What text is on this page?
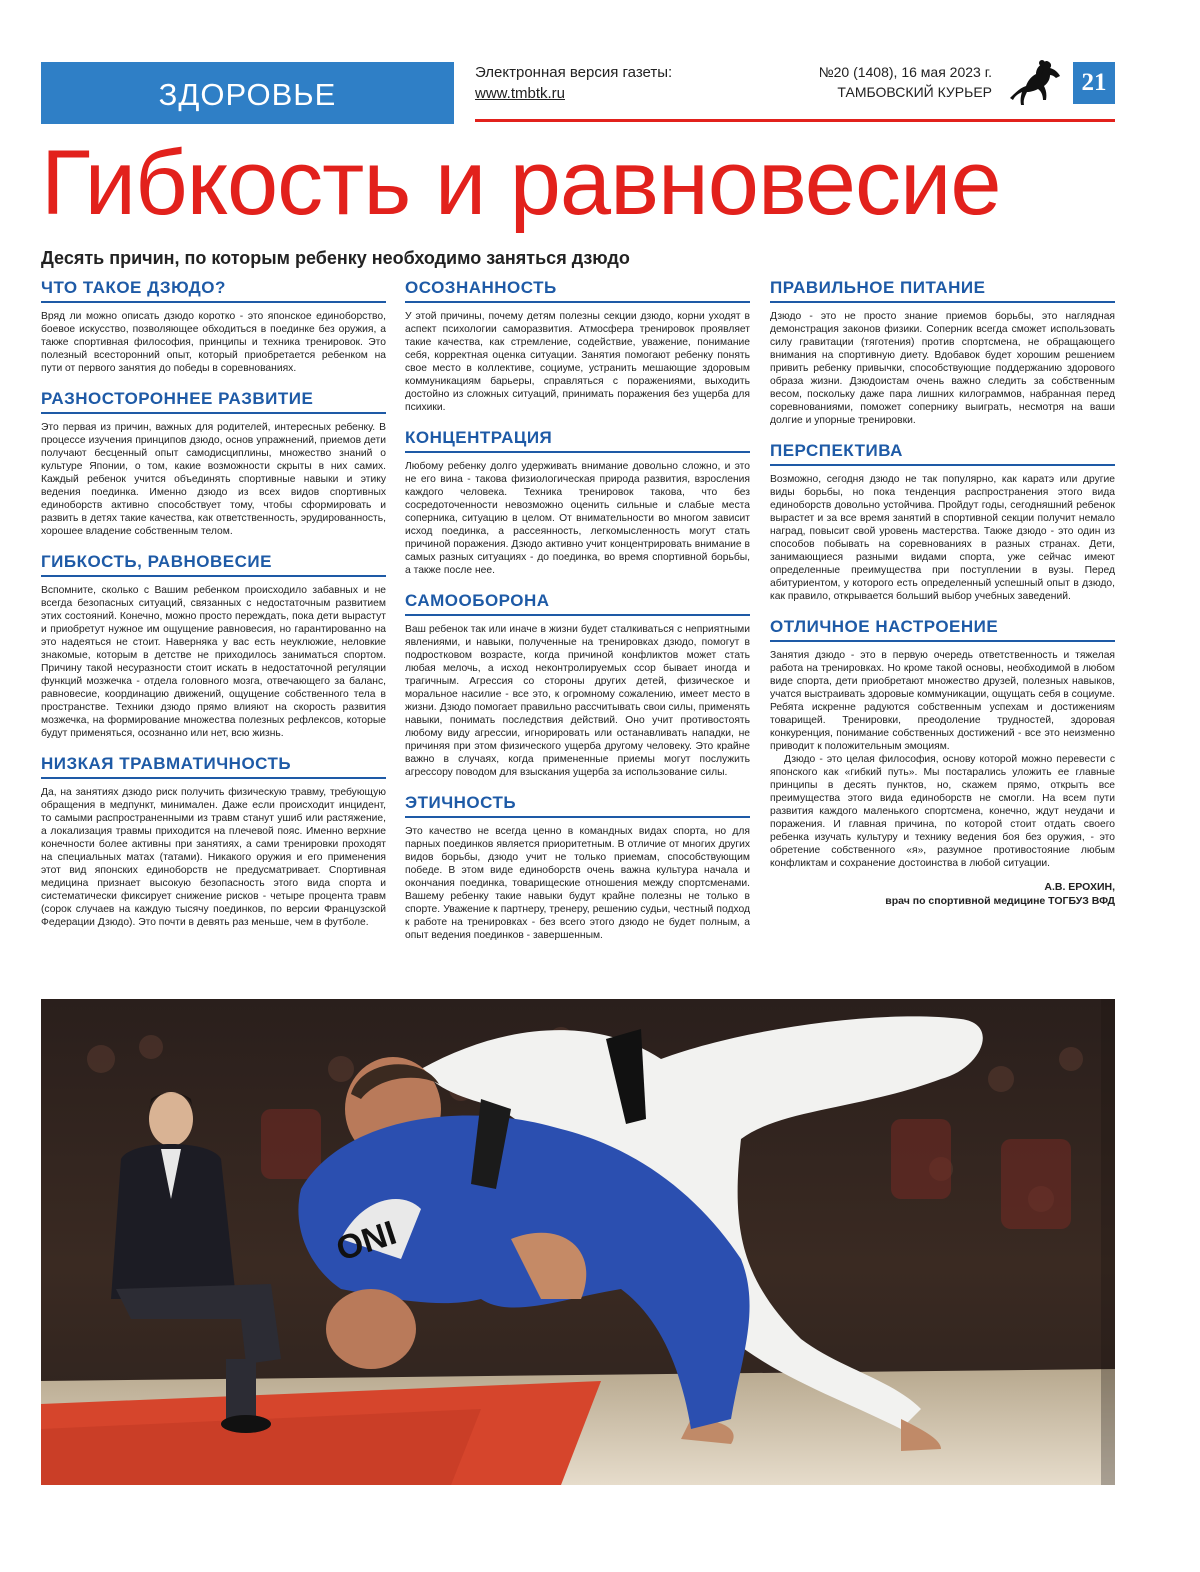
ЗДОРОВЬЕ
Электронная версия газеты:
www.tmbtk.ru
№20 (1408), 16 мая 2023 г.
ТАМБОВСКИЙ КУРЬЕР	21
Гибкость и равновесие
Десять причин, по которым ребенку необходимо заняться дзюдо
ЧТО ТАКОЕ ДЗЮДО?

Вряд ли можно описать дзюдо коротко - это японское единоборство, боевое искусство, позволяющее обходиться в поединке без оружия, а также спортивная философия, принципы и техника тренировок. Это полезный всесторонний опыт, который приобретается ребенком на пути от первого занятия до победы в соревнованиях.

РАЗНОСТОРОННЕЕ РАЗВИТИЕ

Это первая из причин, важных для родителей, интересных ребенку. В процессе изучения принципов дзюдо, основ упражнений, приемов дети получают бесценный опыт самодисциплины, множество знаний о культуре Японии, о том, какие возможности скрыты в них самих. Каждый ребенок учится объединять спортивные навыки и этику ведения поединка. Именно дзюдо из всех видов спортивных единоборств активно способствует тому, чтобы сформировать и развить в детях такие качества, как ответственность, эрудированность, хорошее владение собственным телом.

ГИБКОСТЬ, РАВНОВЕСИЕ

Вспомните, сколько с Вашим ребенком происходило забавных и не всегда безопасных ситуаций, связанных с недостаточным развитием этих состояний. Конечно, можно просто переждать, пока дети вырастут и приобретут нужное им ощущение равновесия, но гарантированно на это надеяться не стоит. Наверняка у вас есть неуклюжие, неловкие знакомые, которым в детстве не приходилось заниматься спортом. Причину такой несуразности стоит искать в недостаточной регуляции функций мозжечка - отдела головного мозга, отвечающего за баланс, равновесие, координацию движений, ощущение собственного тела в пространстве. Техники дзюдо прямо влияют на скорость развития мозжечка, на формирование множества полезных рефлексов, которые будут применяться, осознанно или нет, всю жизнь.

НИЗКАЯ ТРАВМАТИЧНОСТЬ

Да, на занятиях дзюдо риск получить физическую травму, требующую обращения в медпункт, минимален. Даже если происходит инцидент, то самыми распространенными из травм станут ушиб или растяжение, а локализация травмы приходится на плечевой пояс. Именно верхние конечности более активны при занятиях, а сами тренировки проходят на специальных матах (татами). Никакого оружия и его применения этот вид японских единоборств не предусматривает. Спортивная медицина признает высокую безопасность этого вида спорта и систематически фиксирует снижение рисков - четыре процента травм (сорок случаев на каждую тысячу поединков, по версии Французской Федерации Дзюдо). Это почти в девять раз меньше, чем в футболе.

ОСОЗНАННОСТЬ

У этой причины, почему детям полезны секции дзюдо, корни уходят в аспект психологии саморазвития. Атмосфера тренировок проявляет такие качества, как стремление, содействие, уважение, понимание себя, корректная оценка ситуации. Занятия помогают ребенку понять свое место в коллективе, социуме, устранить мешающие здоровым коммуникациям барьеры, справляться с поражениями, выходить достойно из сложных ситуаций, принимать поражения без ущерба для психики.

КОНЦЕНТРАЦИЯ

Любому ребенку долго удерживать внимание довольно сложно, и это не его вина - такова физиологическая природа развития, взросления каждого человека. Техника тренировок такова, что без сосредоточенности невозможно оценить сильные и слабые места соперника, ситуацию в целом. От внимательности во многом зависит исход поединка, а рассеянность, легкомысленность могут стать причиной поражения. Дзюдо активно учит концентрировать внимание в самых разных ситуациях - до поединка, во время спортивной борьбы, а также после нее.

САМООБОРОНА

Ваш ребенок так или иначе в жизни будет сталкиваться с неприятными явлениями, и навыки, полученные на тренировках дзюдо, помогут в подростковом возрасте, когда причиной конфликтов может стать любая мелочь, а исход неконтролируемых ссор бывает иногда и трагичным. Агрессия со стороны других детей, физическое и моральное насилие - все это, к огромному сожалению, имеет место в жизни. Дзюдо помогает правильно рассчитывать свои силы, применять навыки, понимать последствия действий. Оно учит противостоять любому виду агрессии, игнорировать или останавливать нападки, не причиняя при этом физического ущерба другому человеку. Это крайне важно в случаях, когда примененные приемы могут послужить агрессору поводом для взыскания ущерба за использование силы.

ЭТИЧНОСТЬ

Это качество не всегда ценно в командных видах спорта, но для парных поединков является приоритетным. В отличие от многих других видов борьбы, дзюдо учит не только приемам, способствующим победе. В этом виде единоборств очень важна культура начала и окончания поединка, товарищеские отношения между спортсменами. Вашему ребенку такие навыки будут крайне полезны не только в спорте. Уважение к партнеру, тренеру, решению судьи, честный подход к работе на тренировках - без всего этого дзюдо не будет полным, а опыт ведения поединков - завершенным.

ПРАВИЛЬНОЕ ПИТАНИЕ

Дзюдо - это не просто знание приемов борьбы, это наглядная демонстрация законов физики. Соперник всегда сможет использовать силу гравитации (тяготения) против спортсмена, не обращающего внимания на спортивную диету. Вдобавок будет хорошим решением привить ребенку привычки, способствующие поддержанию здорового образа жизни. Дзюдоистам очень важно следить за собственным весом, поскольку даже пара лишних килограммов, набранная перед соревнованиями, поможет сопернику выиграть, несмотря на ваши долгие и упорные тренировки.

ПЕРСПЕКТИВА

Возможно, сегодня дзюдо не так популярно, как каратэ или другие виды борьбы, но пока тенденция распространения этого вида единоборств довольно устойчива. Пройдут годы, сегодняшний ребенок вырастет и за все время занятий в спортивной секции получит немало наград, повысит свой уровень мастерства. Также дзюдо - это один из способов побывать на соревнованиях в разных странах. Дети, занимающиеся разными видами спорта, уже сейчас имеют определенные преимущества при поступлении в вузы. Перед абитуриентом, у которого есть определенный успешный опыт в дзюдо, как правило, открывается больший выбор учебных заведений.

ОТЛИЧНОЕ НАСТРОЕНИЕ

Занятия дзюдо - это в первую очередь ответственность и тяжелая работа на тренировках. Но кроме такой основы, необходимой в любом виде спорта, дети приобретают множество друзей, полезных навыков, учатся выстраивать здоровые коммуникации, ощущать себя в социуме. Ребята искренне радуются собственным успехам и достижениям товарищей. Тренировки, преодоление трудностей, здоровая конкуренция, понимание собственных достижений - все это неизменно приводит к положительным эмоциям.

Дзюдо - это целая философия, основу которой можно перевести с японского как «гибкий путь». Мы постарались уложить ее главные принципы в десять пунктов, но, скажем прямо, открыть все преимущества этого вида единоборств не смогли. На всем пути развития каждого маленького спортсмена, конечно, ждут неудачи и поражения. И главная причина, по которой стоит отдать своего ребенка изучать культуру и технику ведения боя без оружия, - это обретение собственного «я», разумное противостояние любым конфликтам и сохранение достоинства в любой ситуации.

А.В. ЕРОХИН,
врач по спортивной медицине ТОГБУЗ ВФД
ONI
